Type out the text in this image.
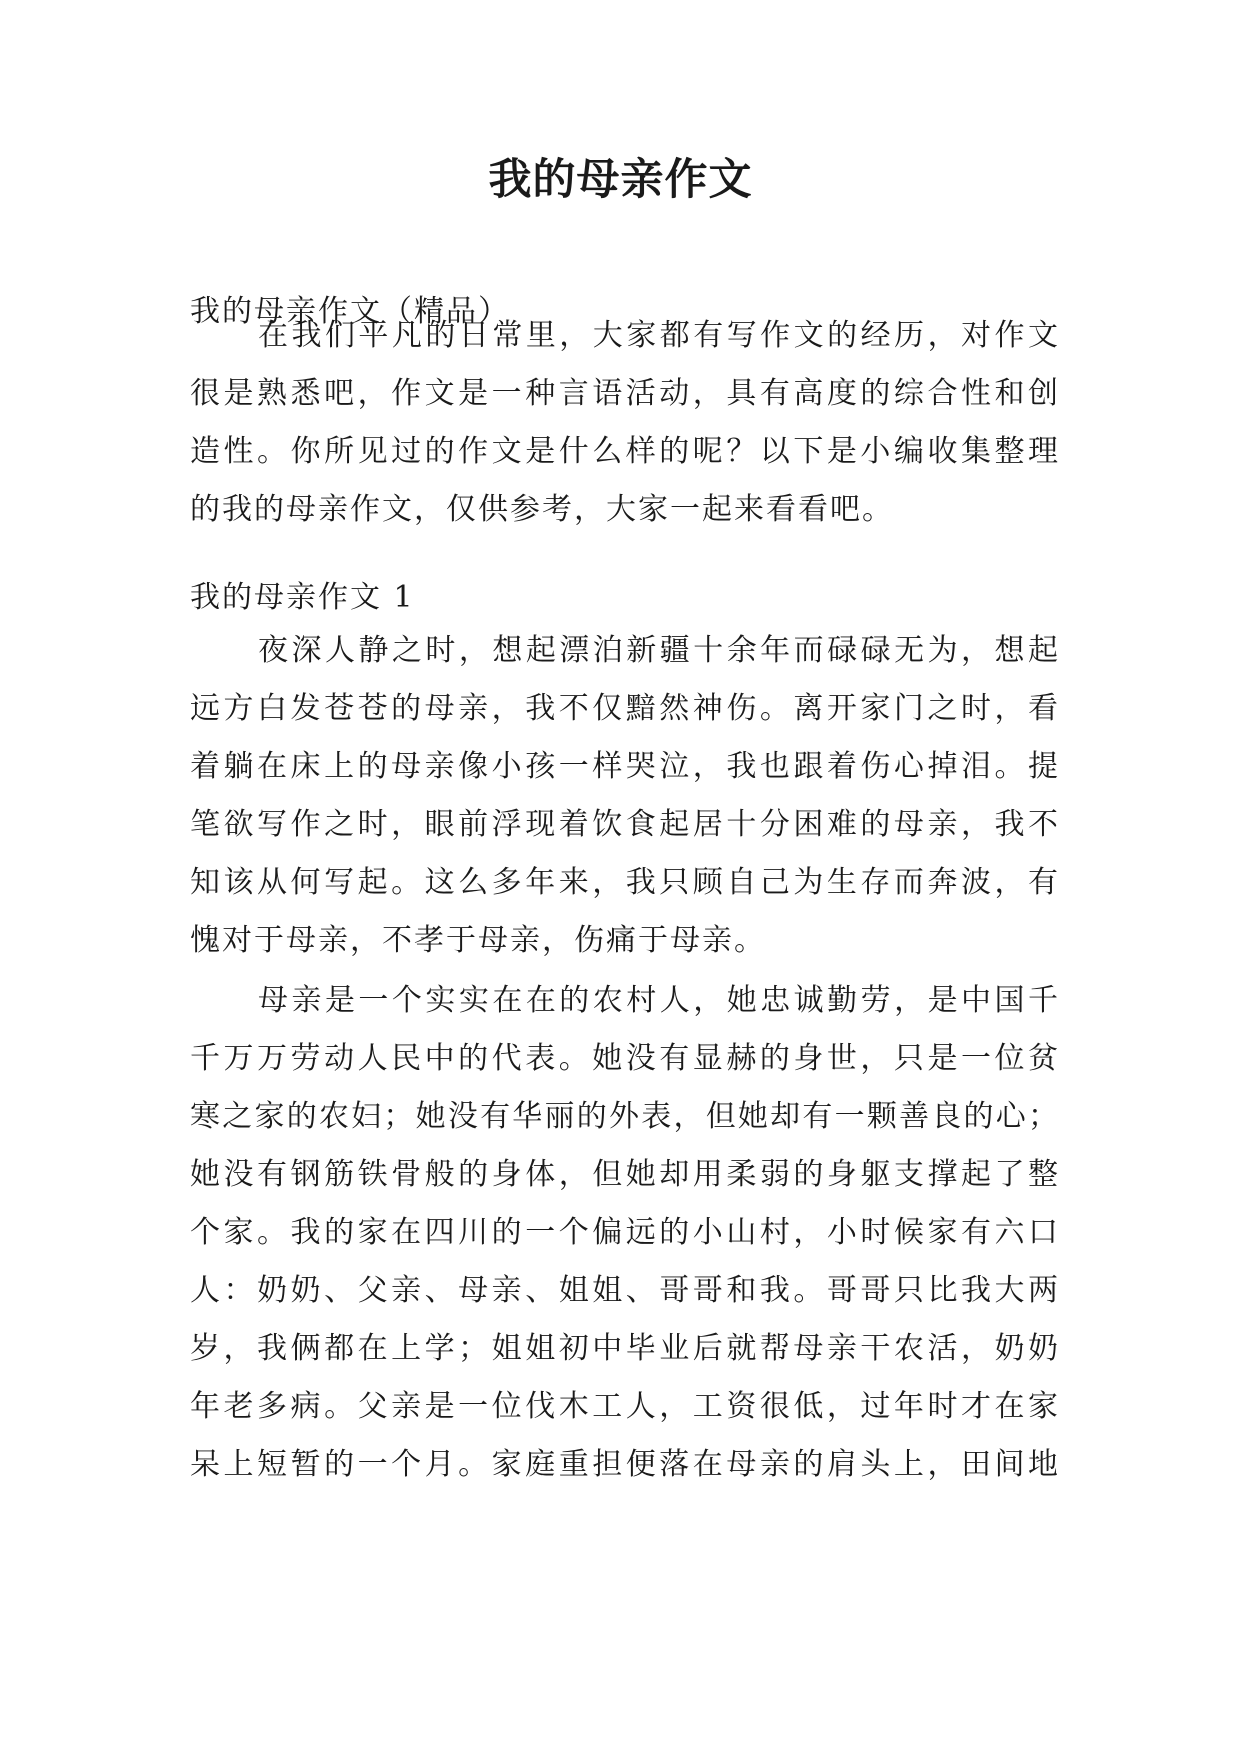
我的母亲作文
我的母亲作文（精品）
在我们平凡的日常里，大家都有写作文的经历，对作文
很是熟悉吧，作文是一种言语活动，具有高度的综合性和创
造性。你所见过的作文是什么样的呢？以下是小编收集整理
的我的母亲作文，仅供参考，大家一起来看看吧。
我的母亲作文 1
夜深人静之时，想起漂泊新疆十余年而碌碌无为，想起
远方白发苍苍的母亲，我不仅黯然神伤。离开家门之时，看
着躺在床上的母亲像小孩一样哭泣，我也跟着伤心掉泪。提
笔欲写作之时，眼前浮现着饮食起居十分困难的母亲，我不
知该从何写起。这么多年来，我只顾自己为生存而奔波，有
愧对于母亲，不孝于母亲，伤痛于母亲。
母亲是一个实实在在的农村人，她忠诚勤劳，是中国千
千万万劳动人民中的代表。她没有显赫的身世，只是一位贫
寒之家的农妇；她没有华丽的外表，但她却有一颗善良的心；
她没有钢筋铁骨般的身体，但她却用柔弱的身躯支撑起了整
个家。我的家在四川的一个偏远的小山村，小时候家有六口
人：奶奶、父亲、母亲、姐姐、哥哥和我。哥哥只比我大两
岁，我俩都在上学；姐姐初中毕业后就帮母亲干农活，奶奶
年老多病。父亲是一位伐木工人，工资很低，过年时才在家
呆上短暂的一个月。家庭重担便落在母亲的肩头上，田间地
